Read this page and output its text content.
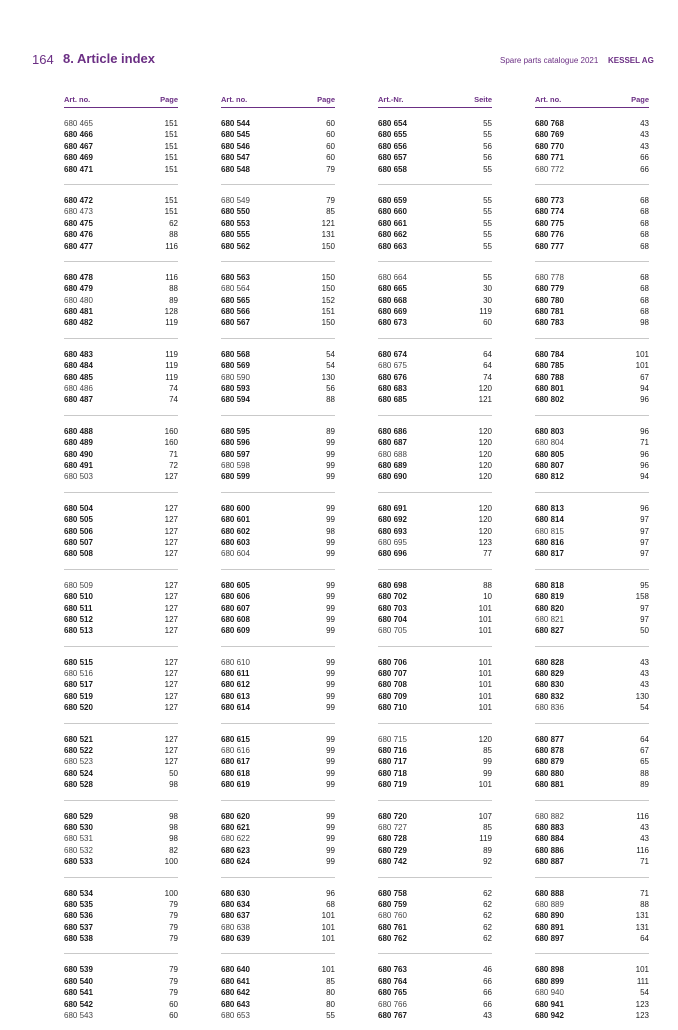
164 8. Article index	Spare parts catalogue 2021 KESSEL AG
Art. no.	Page
680 465	151
680 466	151
680 467	151
680 469	151
680 471	151
680 472	151
680 473	151
680 475	62
680 476	88
680 477	116
680 478	116
680 479	88
680 480	89
680 481	128
680 482	119
680 483	119
680 484	119
680 485	119
680 486	74
680 487	74
680 488	160
680 489	160
680 490	71
680 491	72
680 503	127
680 504	127
680 505	127
680 506	127
680 507	127
680 508	127
680 509	127
680 510	127
680 511	127
680 512	127
680 513	127
680 515	127
680 516	127
680 517	127
680 519	127
680 520	127
680 521	127
680 522	127
680 523	127
680 524	50
680 528	98
680 529	98
680 530	98
680 531	98
680 532	82
680 533	100
680 534	100
680 535	79
680 536	79
680 537	79
680 538	79
680 539	79
680 540	79
680 541	79
680 542	60
680 543	60
Art. no.	Page
680 544	60
680 545	60
680 546	60
680 547	60
680 548	79
680 549	79
680 550	85
680 553	121
680 555	131
680 562	150
680 563	150
680 564	150
680 565	152
680 566	151
680 567	150
680 568	54
680 569	54
680 590	130
680 593	56
680 594	88
680 595	89
680 596	99
680 597	99
680 598	99
680 599	99
680 600	99
680 601	99
680 602	98
680 603	99
680 604	99
680 605	99
680 606	99
680 607	99
680 608	99
680 609	99
680 610	99
680 611	99
680 612	99
680 613	99
680 614	99
680 615	99
680 616	99
680 617	99
680 618	99
680 619	99
680 620	99
680 621	99
680 622	99
680 623	99
680 624	99
680 630	96
680 634	68
680 637	101
680 638	101
680 639	101
680 640	101
680 641	85
680 642	80
680 643	80
680 653	55
Art.-Nr.	Seite
680 654	55
680 655	55
680 656	56
680 657	56
680 658	55
680 659	55
680 660	55
680 661	55
680 662	55
680 663	55
680 664	55
680 665	30
680 668	30
680 669	119
680 673	60
680 674	64
680 675	64
680 676	74
680 683	120
680 685	121
680 686	120
680 687	120
680 688	120
680 689	120
680 690	120
680 691	120
680 692	120
680 693	120
680 695	123
680 696	77
680 698	88
680 702	10
680 703	101
680 704	101
680 705	101
680 706	101
680 707	101
680 708	101
680 709	101
680 710	101
680 715	120
680 716	85
680 717	99
680 718	99
680 719	101
680 720	107
680 727	85
680 728	119
680 729	89
680 742	92
680 758	62
680 759	62
680 760	62
680 761	62
680 762	62
680 763	46
680 764	66
680 765	66
680 766	66
680 767	43
Art. no.	Page
680 768	43
680 769	43
680 770	43
680 771	66
680 772	66
680 773	68
680 774	68
680 775	68
680 776	68
680 777	68
680 778	68
680 779	68
680 780	68
680 781	68
680 783	98
680 784	101
680 785	101
680 788	67
680 801	94
680 802	96
680 803	96
680 804	71
680 805	96
680 807	96
680 812	94
680 813	96
680 814	97
680 815	97
680 816	97
680 817	97
680 818	95
680 819	158
680 820	97
680 821	97
680 827	50
680 828	43
680 829	43
680 830	43
680 832	130
680 836	54
680 877	64
680 878	67
680 879	65
680 880	88
680 881	89
680 882	116
680 883	43
680 884	43
680 886	116
680 887	71
680 888	71
680 889	88
680 890	131
680 891	131
680 897	64
680 898	101
680 899	111
680 940	54
680 941	123
680 942	123
